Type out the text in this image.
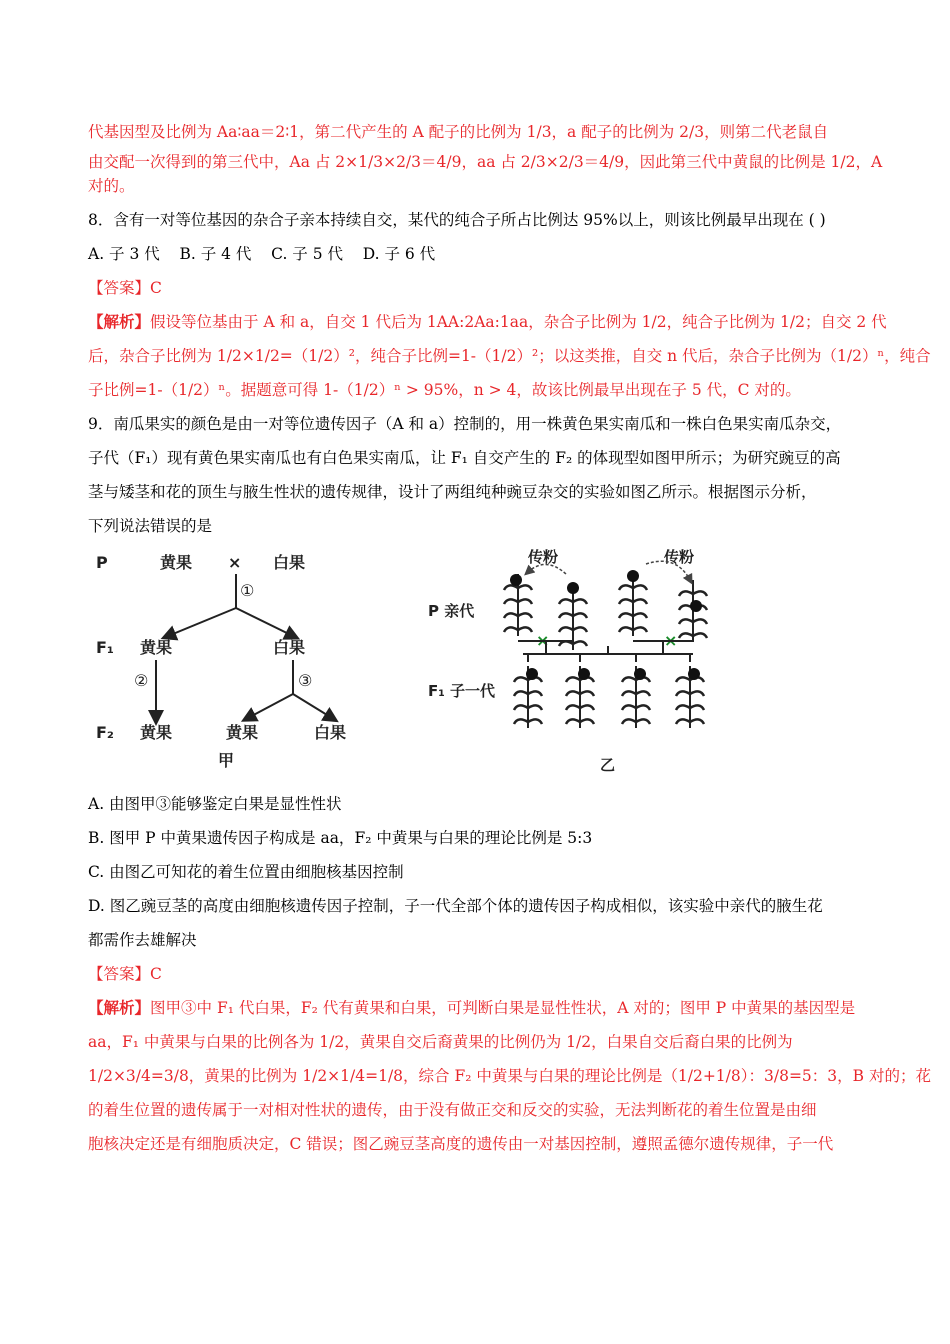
代基因型及比例为 Aa∶aa＝2∶1，第二代产生的 A 配子的比例为 1/3，a 配子的比例为 2/3，则第二代老鼠自

由交配一次得到的第三代中，Aa 占 2×1/3×2/3＝4/9，aa 占 2/3×2/3＝4/9，因此第三代中黄鼠的比例是 1/2，A

对的。

8．含有一对等位基因的杂合子亲本持续自交，某代的纯合子所占比例达 95%以上，则该比例最早出现在 ( )

A. 子 3 代    B. 子 4 代    C. 子 5 代    D. 子 6 代

【答案】C

【解析】假设等位基由于 A 和 a，自交 1 代后为 1AA:2Aa:1aa，杂合子比例为 1/2，纯合子比例为 1/2；自交 2 代

后，杂合子比例为 1/2×1/2=（1/2）²，纯合子比例=1-（1/2）²；以这类推，自交 n 代后，杂合子比例为（1/2）ⁿ，纯合

子比例=1-（1/2）ⁿ。据题意可得 1-（1/2）ⁿ > 95%，n > 4，故该比例最早出现在子 5 代，C 对的。

9．南瓜果实的颜色是由一对等位遗传因子（A 和 a）控制的，用一株黄色果实南瓜和一株白色果实南瓜杂交，

子代（F₁）现有黄色果实南瓜也有白色果实南瓜，让 F₁ 自交产生的 F₂ 的体现型如图甲所示；为研究豌豆的高

茎与矮茎和花的顶生与腋生性状的遗传规律，设计了两组纯种豌豆杂交的实验如图乙所示。根据图示分析，

下列说法错误的是

P	黄果 × 白果
①
F₁ 黄果	白果
②	③
F₂ 黄果	黄果	白果
甲
传粉	传粉
P 亲代
F₁ 子一代
乙
×	×

A. 由图甲③能够鉴定白果是显性性状

B. 图甲 P 中黄果遗传因子构成是 aa，F₂ 中黄果与白果的理论比例是 5:3

C. 由图乙可知花的着生位置由细胞核基因控制

D. 图乙豌豆茎的高度由细胞核遗传因子控制，子一代全部个体的遗传因子构成相似，该实验中亲代的腋生花

都需作去雄解决

【答案】C

【解析】图甲③中 F₁ 代白果，F₂ 代有黄果和白果，可判断白果是显性性状，A 对的；图甲 P 中黄果的基因型是

aa，F₁ 中黄果与白果的比例各为 1/2，黄果自交后裔黄果的比例仍为 1/2，白果自交后裔白果的比例为

1/2×3/4=3/8，黄果的比例为 1/2×1/4=1/8，综合 F₂ 中黄果与白果的理论比例是（1/2+1/8）：3/8=5：3，B 对的；花

的着生位置的遗传属于一对相对性状的遗传，由于没有做正交和反交的实验，无法判断花的着生位置是由细

胞核决定还是有细胞质决定，C 错误；图乙豌豆茎高度的遗传由一对基因控制，遵照孟德尔遗传规律，子一代
